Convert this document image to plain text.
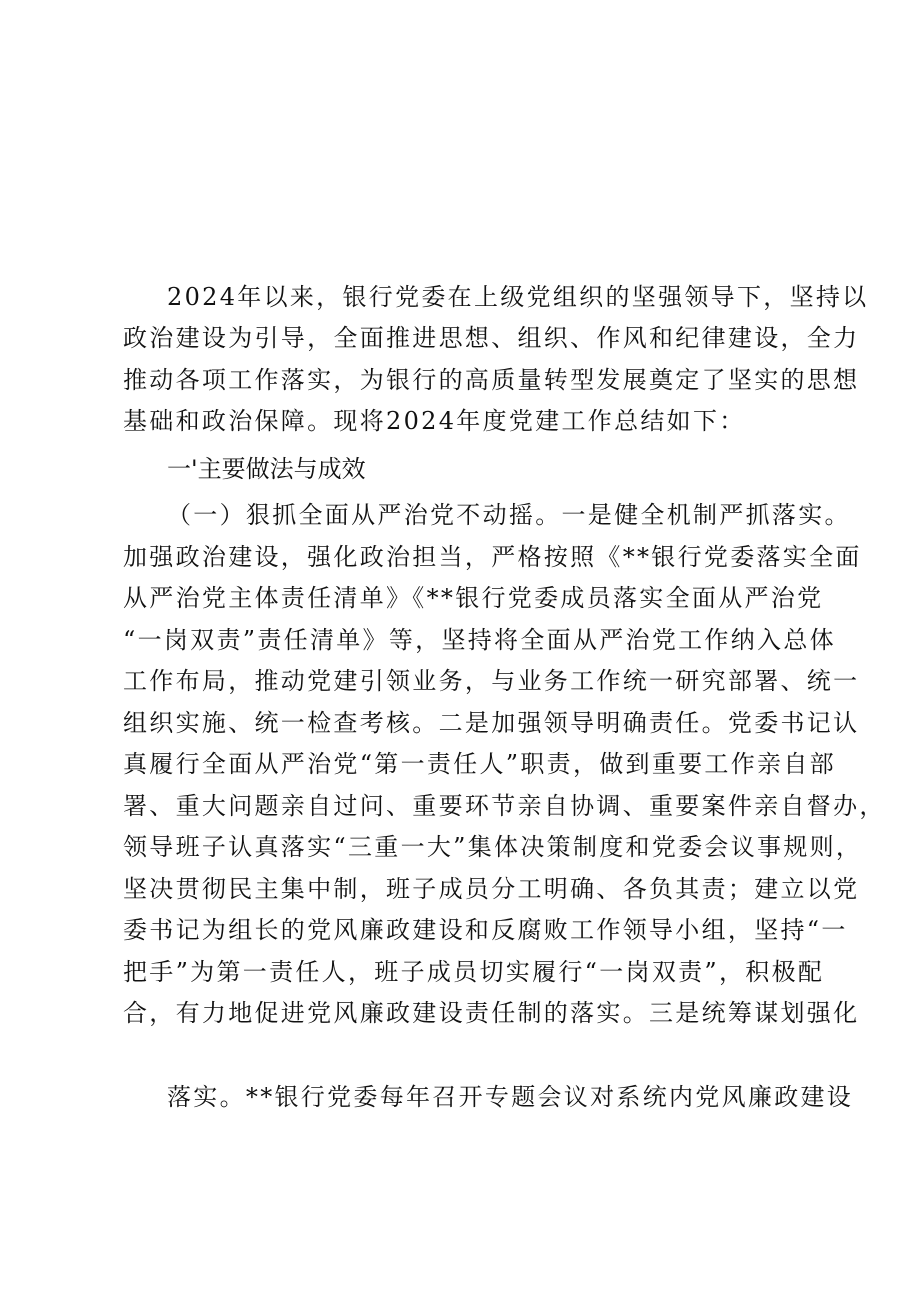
2024年以来，银行党委在上级党组织的坚强领导下，坚持以
政治建设为引导，全面推进思想、组织、作风和纪律建设，全力
推动各项工作落实，为银行的高质量转型发展奠定了坚实的思想
基础和政治保障。现将2024年度党建工作总结如下：
一'主要做法与成效
（一）狠抓全面从严治党不动摇。一是健全机制严抓落实。
加强政治建设，强化政治担当，严格按照《**银行党委落实全面
从严治党主体责任清单》《**银行党委成员落实全面从严治党
“一岗双责”责任清单》等，坚持将全面从严治党工作纳入总体
工作布局，推动党建引领业务，与业务工作统一研究部署、统一
组织实施、统一检查考核。二是加强领导明确责任。党委书记认
真履行全面从严治党“第一责任人”职责，做到重要工作亲自部
署、重大问题亲自过问、重要环节亲自协调、重要案件亲自督办，
领导班子认真落实“三重一大”集体决策制度和党委会议事规则，
坚决贯彻民主集中制，班子成员分工明确、各负其责；建立以党
委书记为组长的党风廉政建设和反腐败工作领导小组，坚持“一
把手”为第一责任人，班子成员切实履行“一岗双责”，积极配
合，有力地促进党风廉政建设责任制的落实。三是统筹谋划强化
落实。**银行党委每年召开专题会议对系统内党风廉政建设
